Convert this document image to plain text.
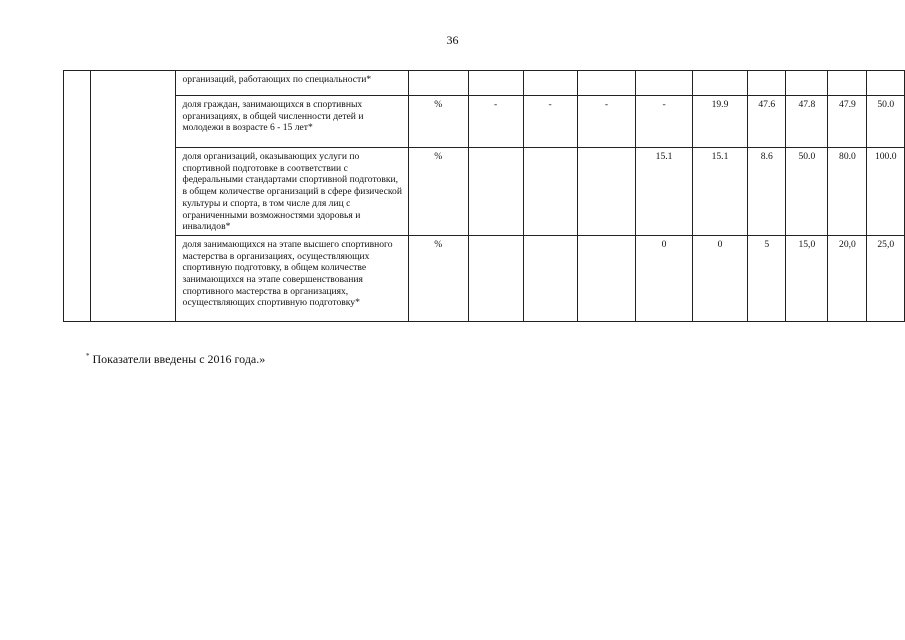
36
		организаций, работающих по специальности*										
		доля граждан, занимающихся в спортивных организациях, в общей численности детей и молодежи в возрасте 6 - 15 лет*	%	-	-	-	-	19.9	47.6	47.8	47.9	50.0
		доля организаций, оказывающих услуги по спортивной подготовке в соответствии с федеральными стандартами спортивной подготовки, в общем количестве организаций в сфере физической культуры и спорта, в том числе для лиц с ограниченными возможностями здоровья и инвалидов*	%				15.1	15.1	8.6	50.0	80.0	100.0
		доля занимающихся на этапе высшего спортивного мастерства в организациях, осуществляющих спортивную подготовку, в общем количестве занимающихся на этапе совершенствования спортивного мастерства в организациях, осуществляющих спортивную подготовку*	%				0	0	5	15,0	20,0	25,0
* Показатели введены с 2016 года.»
